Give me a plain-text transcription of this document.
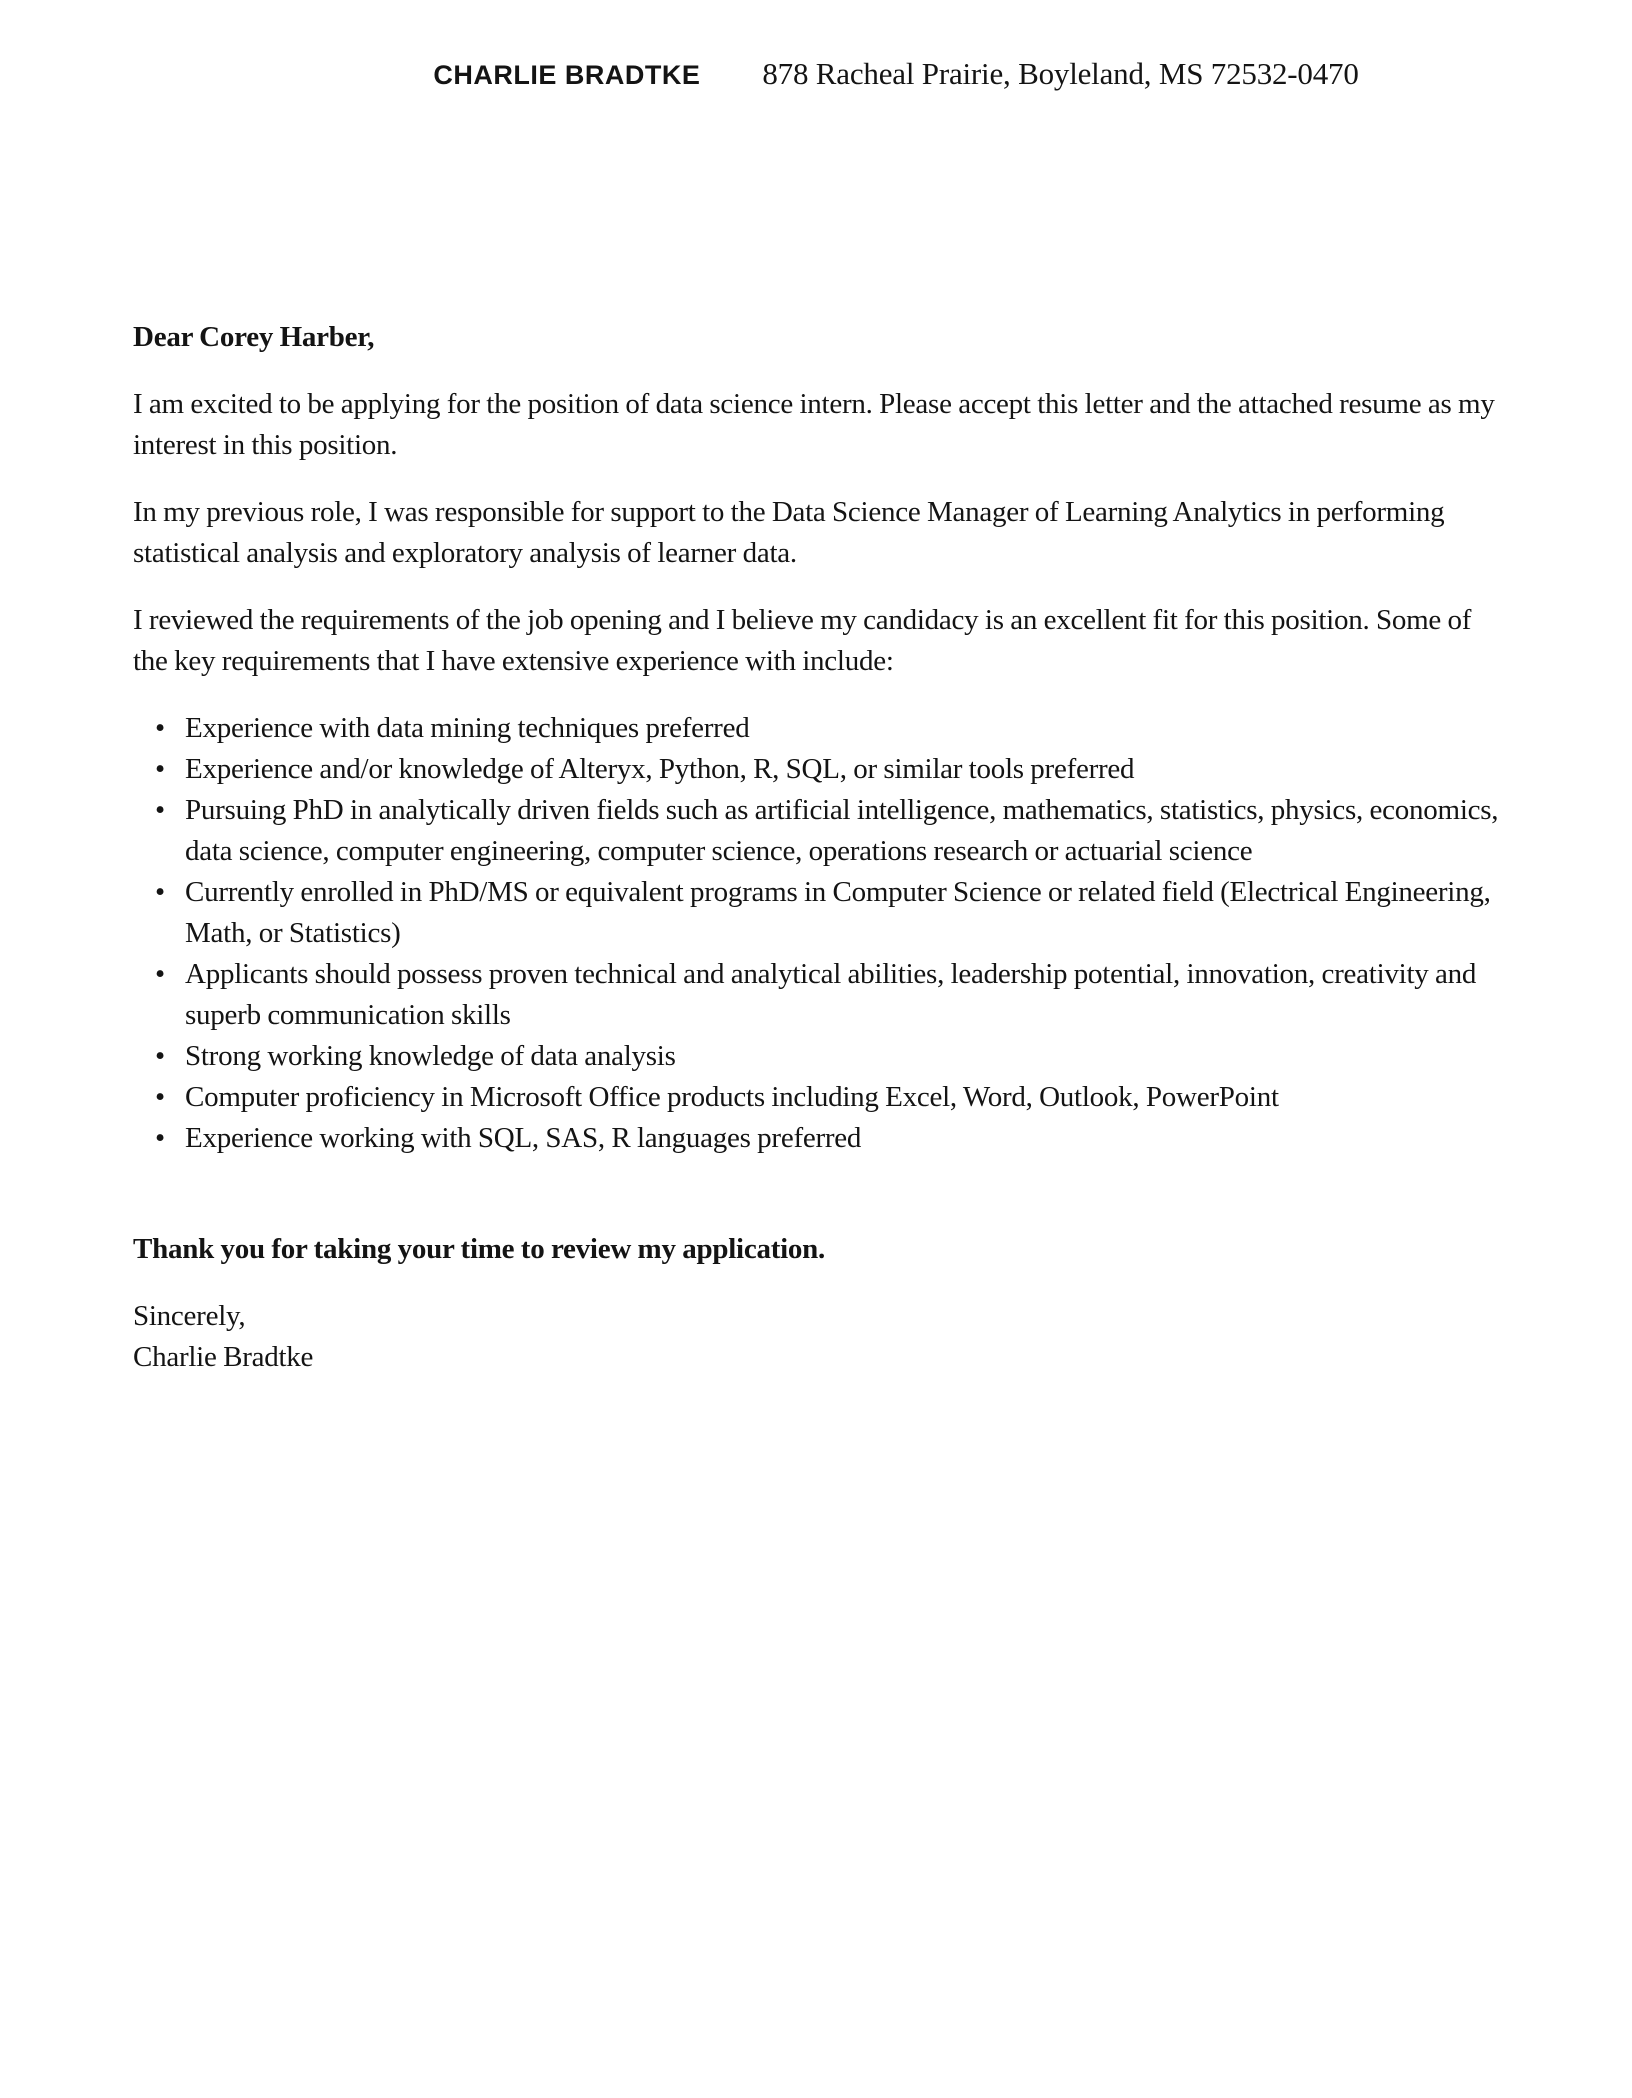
CHARLIE BRADTKE 878 Racheal Prairie, Boyleland, MS 72532-0470

Dear Corey Harber,

I am excited to be applying for the position of data science intern. Please accept this letter and the attached resume as my interest in this position.

In my previous role, I was responsible for support to the Data Science Manager of Learning Analytics in performing statistical analysis and exploratory analysis of learner data.

I reviewed the requirements of the job opening and I believe my candidacy is an excellent fit for this position. Some of the key requirements that I have extensive experience with include:

• Experience with data mining techniques preferred
• Experience and/or knowledge of Alteryx, Python, R, SQL, or similar tools preferred
• Pursuing PhD in analytically driven fields such as artificial intelligence, mathematics, statistics, physics, economics, data science, computer engineering, computer science, operations research or actuarial science
• Currently enrolled in PhD/MS or equivalent programs in Computer Science or related field (Electrical Engineering, Math, or Statistics)
• Applicants should possess proven technical and analytical abilities, leadership potential, innovation, creativity and superb communication skills
• Strong working knowledge of data analysis
• Computer proficiency in Microsoft Office products including Excel, Word, Outlook, PowerPoint
• Experience working with SQL, SAS, R languages preferred

Thank you for taking your time to review my application.

Sincerely,
Charlie Bradtke
